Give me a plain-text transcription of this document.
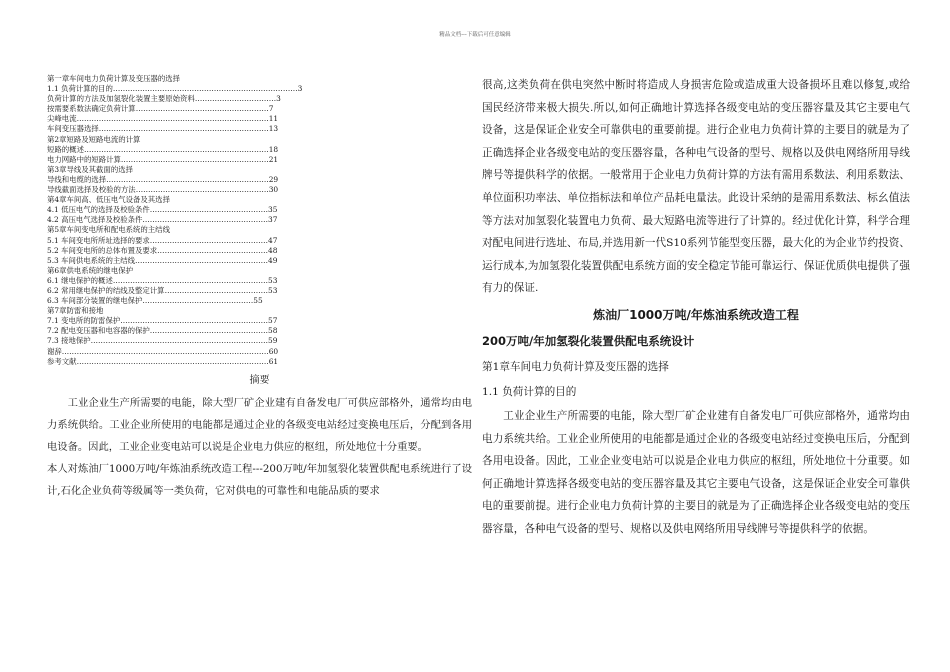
精品文档---下载后可任意编辑
第一章车间电力负荷计算及变压器的选择
1.1 负荷计算的目的…………………………………………………………………3
负荷计算的方法及加氢裂化装置主要原始资料……………………………3
按需要系数法确定负荷计算………………………………………………7
尖峰电流……………………………………………………………………11
车间变压器选择……………………………………………………………13
第2章短路及短路电流的计算
短路的概述…………………………………………………………………18
电力网路中的短路计算……………………………………………………21
第3章导线及其截面的选择
导线和电缆的选择…………………………………………………………29
导线截面选择及校验的方法………………………………………………30
第4章车间高、低压电气设备及其选择
4.1 低压电气的选择及校验条件…………………………………………35
4.2 高压电气选择及校验条件……………………………………………37
第5章车间变电所和配电系统的主结线
5.1 车间变电所所址选择的要求…………………………………………47
5.2 车间变电所的总体布置及要求………………………………………48
5.3 车间供电系统的主结线………………………………………………49
第6章供电系统的继电保护
6.1 继电保护的概述………………………………………………………53
6.2 常用继电保护的结线及整定计算……………………………………53
6.3 车间部分装置的继电保护………………………………………55
第7章防雷和接地
7.1 变电所的防雷保护……………………………………………………57
7.2 配电变压器和电容器的保护…………………………………………58
7.3 接地保护………………………………………………………………59
谢辞…………………………………………………………………………60
参考文献……………………………………………………………………61
摘要
工业企业生产所需要的电能，除大型厂矿企业建有自备发电厂可供应部格外，通常均由电力系统供给。工业企业所使用的电能都是通过企业的各级变电站经过变换电压后，分配到各用电设备。因此，工业企业变电站可以说是企业电力供应的枢纽，所处地位十分重要。
本人对炼油厂1000万吨/年炼油系统改造工程---200万吨/年加氢裂化装置供配电系统进行了设计,石化企业负荷等级属等一类负荷，它对供电的可靠性和电能品质的要求
很高,这类负荷在供电突然中断时将造成人身损害危险或造成重大设备损坏且难以修复,或给国民经济带来极大损失.所以,如何正确地计算选择各级变电站的变压器容量及其它主要电气设备，这是保证企业安全可靠供电的重要前提。进行企业电力负荷计算的主要目的就是为了正确选择企业各级变电站的变压器容量，各种电气设备的型号、规格以及供电网络所用导线牌号等提供科学的依据。一般常用于企业电力负荷计算的方法有需用系数法、利用系数法、单位面积功率法、单位指标法和单位产品耗电量法。此设计采纳的是需用系数法、标幺值法等方法对加氢裂化装置电力负荷、最大短路电流等进行了计算的。经过优化计算，科学合理对配电间进行选址、布局,并选用新一代S10系列节能型变压器，最大化的为企业节约投资、运行成本,为加氢裂化装置供配电系统方面的安全稳定节能可靠运行、保证优质供电提供了强有力的保证.
炼油厂1000万吨/年炼油系统改造工程
200万吨/年加氢裂化装置供配电系统设计
第1章车间电力负荷计算及变压器的选择
1.1 负荷计算的目的
工业企业生产所需要的电能，除大型厂矿企业建有自备发电厂可供应部格外，通常均由电力系统共给。工业企业所使用的电能都是通过企业的各级变电站经过变换电压后，分配到各用电设备。因此，工业企业变电站可以说是企业电力供应的枢纽，所处地位十分重要。如何正确地计算选择各级变电站的变压器容量及其它主要电气设备，这是保证企业安全可靠供电的重要前提。进行企业电力负荷计算的主要目的就是为了正确选择企业各级变电站的变压器容量，各种电气设备的型号、规格以及供电网络所用导线牌号等提供科学的依据。
